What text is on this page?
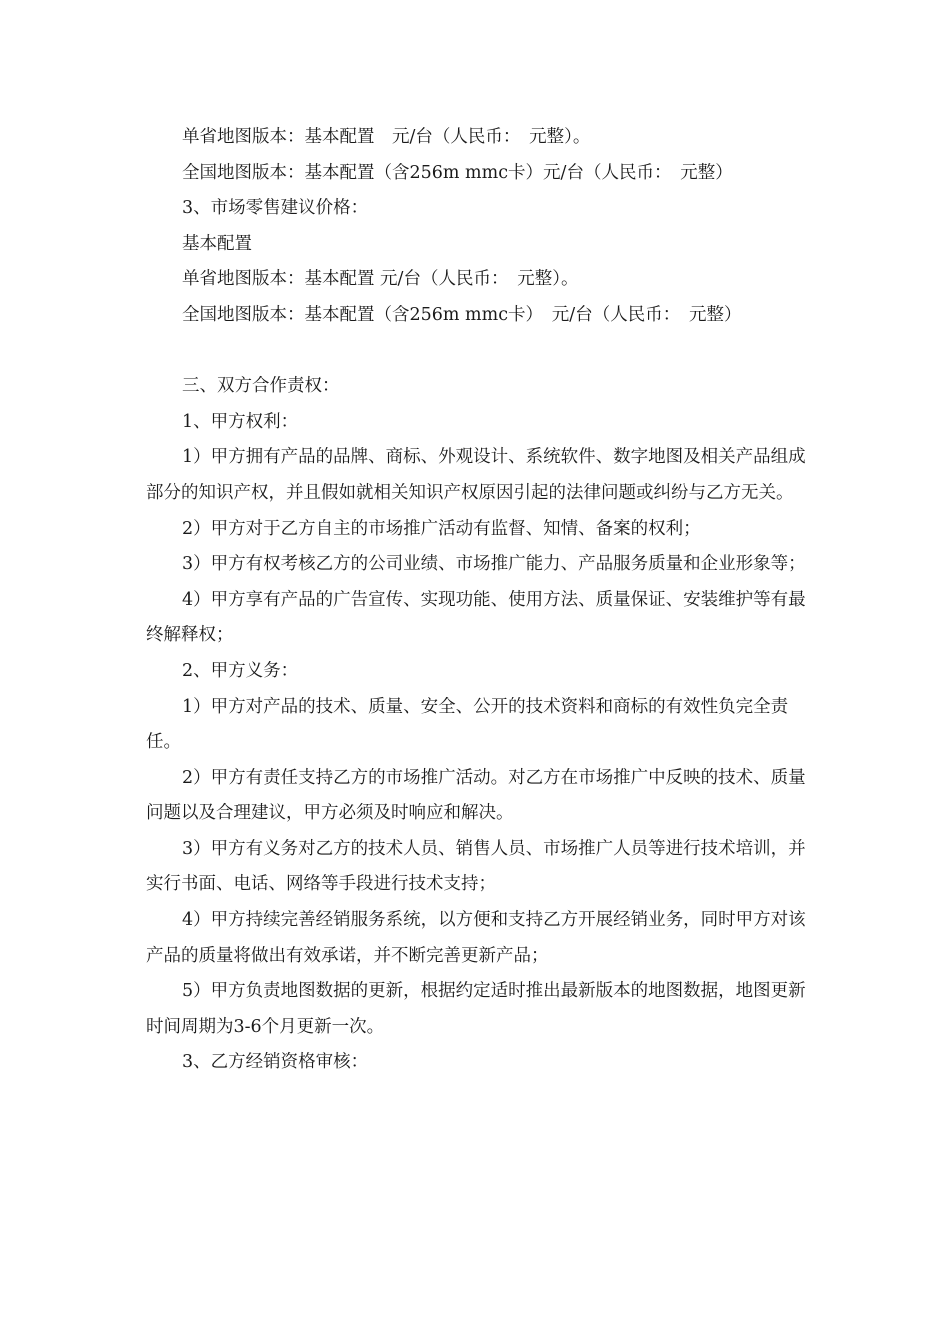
单省地图版本：基本配置　元/台（人民币：　元整）。

全国地图版本：基本配置（含256m mmc卡）元/台（人民币：　元整）

3、市场零售建议价格：

基本配置

单省地图版本：基本配置 元/台（人民币：　元整）。

全国地图版本：基本配置（含256m mmc卡）　元/台（人民币：　元整）

三、双方合作责权：

1、甲方权利：

1）甲方拥有产品的品牌、商标、外观设计、系统软件、数字地图及相关产品组成部分的知识产权，并且假如就相关知识产权原因引起的法律问题或纠纷与乙方无关。

2）甲方对于乙方自主的市场推广活动有监督、知情、备案的权利；

3）甲方有权考核乙方的公司业绩、市场推广能力、产品服务质量和企业形象等；

4）甲方享有产品的广告宣传、实现功能、使用方法、质量保证、安装维护等有最终解释权；

2、甲方义务：

1）甲方对产品的技术、质量、安全、公开的技术资料和商标的有效性负完全责任。

2）甲方有责任支持乙方的市场推广活动。对乙方在市场推广中反映的技术、质量问题以及合理建议，甲方必须及时响应和解决。

3）甲方有义务对乙方的技术人员、销售人员、市场推广人员等进行技术培训，并实行书面、电话、网络等手段进行技术支持；

4）甲方持续完善经销服务系统，以方便和支持乙方开展经销业务，同时甲方对该产品的质量将做出有效承诺，并不断完善更新产品；

5）甲方负责地图数据的更新，根据约定适时推出最新版本的地图数据，地图更新时间周期为3-6个月更新一次。

3、乙方经销资格审核：
